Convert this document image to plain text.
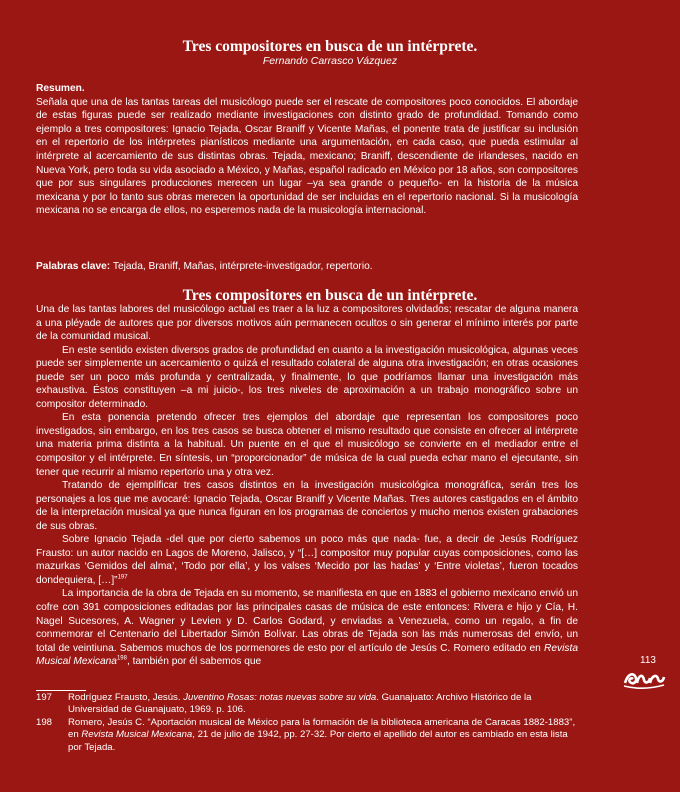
Tres compositores en busca de un intérprete.

Fernando Carrasco Vázquez

Resumen.

Señala que una de las tantas tareas del musicólogo puede ser el rescate de compositores poco conocidos. El abordaje de estas figuras puede ser realizado mediante investigaciones con distinto grado de profundidad. Tomando como ejemplo a tres compositores: Ignacio Tejada, Oscar Braniff y Vicente Mañas, el ponente trata de justificar su inclusión en el repertorio de los intérpretes pianísticos mediante una argumentación, en cada caso, que pueda estimular al intérprete al acercamiento de sus distintas obras. Tejada, mexicano; Braniff, descendiente de irlandeses, nacido en Nueva York, pero toda su vida asociado a México, y Mañas, español radicado en México por 18 años, son compositores que por sus singulares producciones merecen un lugar –ya sea grande o pequeño- en la historia de la música mexicana y por lo tanto sus obras merecen la oportunidad de ser incluidas en el repertorio nacional. Si la musicología mexicana no se encarga de ellos, no esperemos nada de la musicología internacional.

Palabras clave: Tejada, Braniff, Mañas, intérprete-investigador, repertorio.

Tres compositores en busca de un intérprete.

Una de las tantas labores del musicólogo actual es traer a la luz a compositores olvidados; rescatar de alguna manera a una pléyade de autores que por diversos motivos aún permanecen ocultos o sin generar el mínimo interés por parte de la comunidad musical.

En este sentido existen diversos grados de profundidad en cuanto a la investigación musicológica, algunas veces puede ser simplemente un acercamiento o quizá el resultado colateral de alguna otra investigación; en otras ocasiones puede ser un poco más profunda y centralizada, y finalmente, lo que podríamos llamar una investigación más exhaustiva. Éstos constituyen –a mi juicio-, los tres niveles de aproximación a un trabajo monográfico sobre un compositor determinado.

En esta ponencia pretendo ofrecer tres ejemplos del abordaje que representan los compositores poco investigados, sin embargo, en los tres casos se busca obtener el mismo resultado que consiste en ofrecer al intérprete una materia prima distinta a la habitual. Un puente en el que el musicólogo se convierte en el mediador entre el compositor y el intérprete. En síntesis, un “proporcionador” de música de la cual pueda echar mano el ejecutante, sin tener que recurrir al mismo repertorio una y otra vez.

Tratando de ejemplificar tres casos distintos en la investigación musicológica monográfica, serán tres los personajes a los que me avocaré: Ignacio Tejada, Oscar Braniff y Vicente Mañas. Tres autores castigados en el ámbito de la interpretación musical ya que nunca figuran en los programas de conciertos y mucho menos existen grabaciones de sus obras.

Sobre Ignacio Tejada -del que por cierto sabemos un poco más que nada- fue, a decir de Jesús Rodríguez Frausto: un autor nacido en Lagos de Moreno, Jalisco, y “[…] compositor muy popular cuyas composiciones, como las mazurkas ‘Gemidos del alma’, ‘Todo por ella’, y los valses ‘Mecido por las hadas’ y ‘Entre violetas’, fueron tocados dondequiera, […]”$^{197}$

La importancia de la obra de Tejada en su momento, se manifiesta en que en 1883 el gobierno mexicano envió un cofre con 391 composiciones editadas por las principales casas de música de este entonces: Rivera e hijo y Cía, H. Nagel Sucesores, A. Wagner y Levien y D. Carlos Godard, y enviadas a Venezuela, como un regalo, a fin de conmemorar el Centenario del Libertador Simón Bolívar. Las obras de Tejada son las más numerosas del envío, un total de veintiuna. Sabemos muchos de los pormenores de esto por el artículo de Jesús C. Romero editado en Revista Musical Mexicana$^{198}$, también por él sabemos que

197 Rodríguez Frausto, Jesús. Juventino Rosas: notas nuevas sobre su vida. Guanajuato: Archivo Histórico de la Universidad de Guanajuato, 1969. p. 106.

198 Romero, Jesús C. “Aportación musical de México para la formación de la biblioteca americana de Caracas 1882-1883”, en Revista Musical Mexicana, 21 de julio de 1942, pp. 27-32. Por cierto el apellido del autor es cambiado en esta lista por Tejada.

113
